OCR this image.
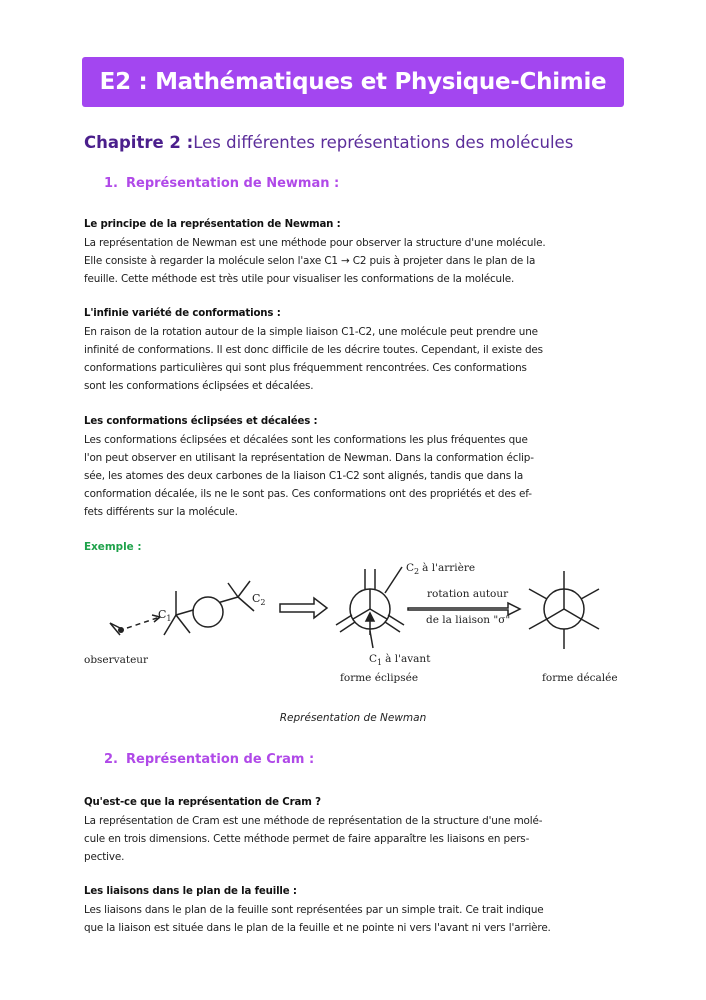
E2 : Mathématiques et Physique-Chimie
Chapitre 2 :Les différentes représentations des molécules
1. Représentation de Newman :
Le principe de la représentation de Newman :

La représentation de Newman est une méthode pour observer la structure d'une molécule.

Elle consiste à regarder la molécule selon l'axe C1 → C2 puis à projeter dans le plan de la

feuille. Cette méthode est très utile pour visualiser les conformations de la molécule.

L'infinie variété de conformations :

En raison de la rotation autour de la simple liaison C1-C2, une molécule peut prendre une

infinité de conformations. Il est donc difficile de les décrire toutes. Cependant, il existe des

conformations particulières qui sont plus fréquemment rencontrées. Ces conformations

sont les conformations éclipsées et décalées.

Les conformations éclipsées et décalées :

Les conformations éclipsées et décalées sont les conformations les plus fréquentes que

l'on peut observer en utilisant la représentation de Newman. Dans la conformation éclip-

sée, les atomes des deux carbones de la liaison C1-C2 sont alignés, tandis que dans la

conformation décalée, ils ne le sont pas. Ces conformations ont des propriétés et des ef-

fets différents sur la molécule.

Exemple :
$C_1$
$C_2$
observateur
$C_2$ à l'arrière
$C_1$ à l'avant
forme éclipsée
rotation autour
de la liaison "σ"
forme décalée
Représentation de Newman
2. Représentation de Cram :
Qu'est-ce que la représentation de Cram ?

La représentation de Cram est une méthode de représentation de la structure d'une molé-

cule en trois dimensions. Cette méthode permet de faire apparaître les liaisons en pers-

pective.

Les liaisons dans le plan de la feuille :

Les liaisons dans le plan de la feuille sont représentées par un simple trait. Ce trait indique

que la liaison est située dans le plan de la feuille et ne pointe ni vers l'avant ni vers l'arrière.
